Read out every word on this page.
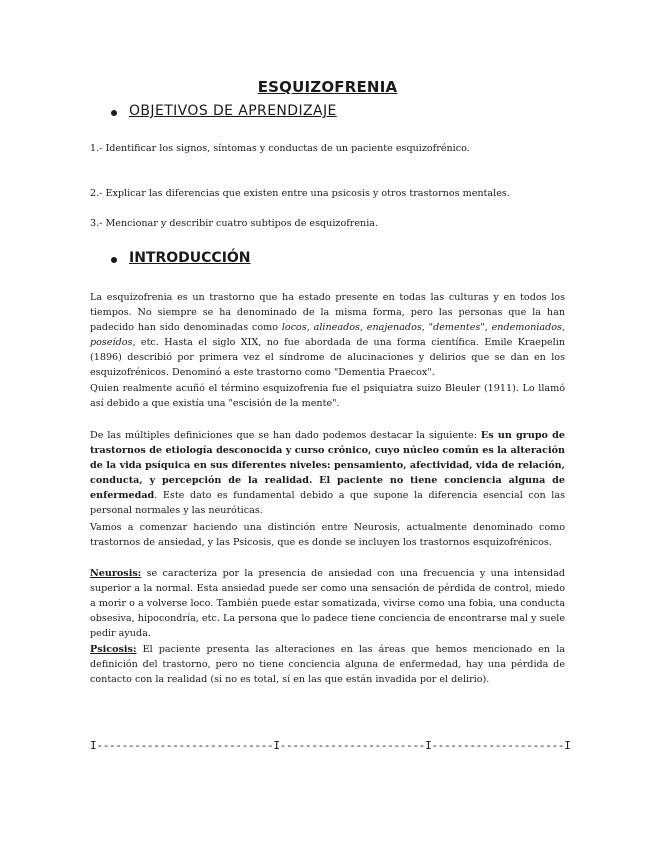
ESQUIZOFRENIA
OBJETIVOS DE APRENDIZAJE
1.- Identificar los signos, síntomas y conductas de un paciente esquizofrénico.
2.- Explicar las diferencias que existen entre una psicosis y otros trastornos mentales.
3.- Mencionar y describir cuatro subtipos de esquizofrenia.
INTRODUCCIÓN
La esquizofrenia es un trastorno que ha estado presente en todas las culturas y en todos los tiempos. No siempre se ha denominado de la misma forma, pero las personas que la han padecido han sido denominadas como locos, alineados, enajenados, "dementes", endemoniados, poseídos, etc. Hasta el siglo XIX, no fue abordada de una forma científica. Emile Kraepelin (1896) describió por primera vez el síndrome de alucinaciones y delirios que se dan en los esquizofrénicos. Denominó a este trastorno como "Dementia Praecox".
Quien realmente acuñó el término esquizofrenia fue el psiquiatra suizo Bleuler (1911). Lo llamó así debido a que existía una "escisión de la mente".
De las múltiples definiciones que se han dado podemos destacar la siguiente: Es un grupo de trastornos de etiología desconocida y curso crónico, cuyo núcleo común es la alteración de la vida psíquica en sus diferentes niveles: pensamiento, afectividad, vida de relación, conducta, y percepción de la realidad. El paciente no tiene conciencia alguna de enfermedad. Este dato es fundamental debido a que supone la diferencia esencial con las personal normales y las neuróticas.
Vamos a comenzar haciendo una distinción entre Neurosis, actualmente denominado como trastornos de ansiedad, y las Psicosis, que es donde se incluyen los trastornos esquizofrénicos.
Neurosis: se caracteriza por la presencia de ansiedad con una frecuencia y una intensidad superior a la normal. Esta ansiedad puede ser como una sensación de pérdida de control, miedo a morir o a volverse loco. También puede estar somatizada, vivirse como una fobia, una conducta obsesiva, hipocondría, etc. La persona que lo padece tiene conciencia de encontrarse mal y suele pedir ayuda.
Psicosis: El paciente presenta las alteraciones en las áreas que hemos mencionado en la definición del trastorno, pero no tiene conciencia alguna de enfermedad, hay una pérdida de contacto con la realidad (si no es total, sí en las que están invadida por el delirio).
I----------------------------I-----------------------I---------------------I
